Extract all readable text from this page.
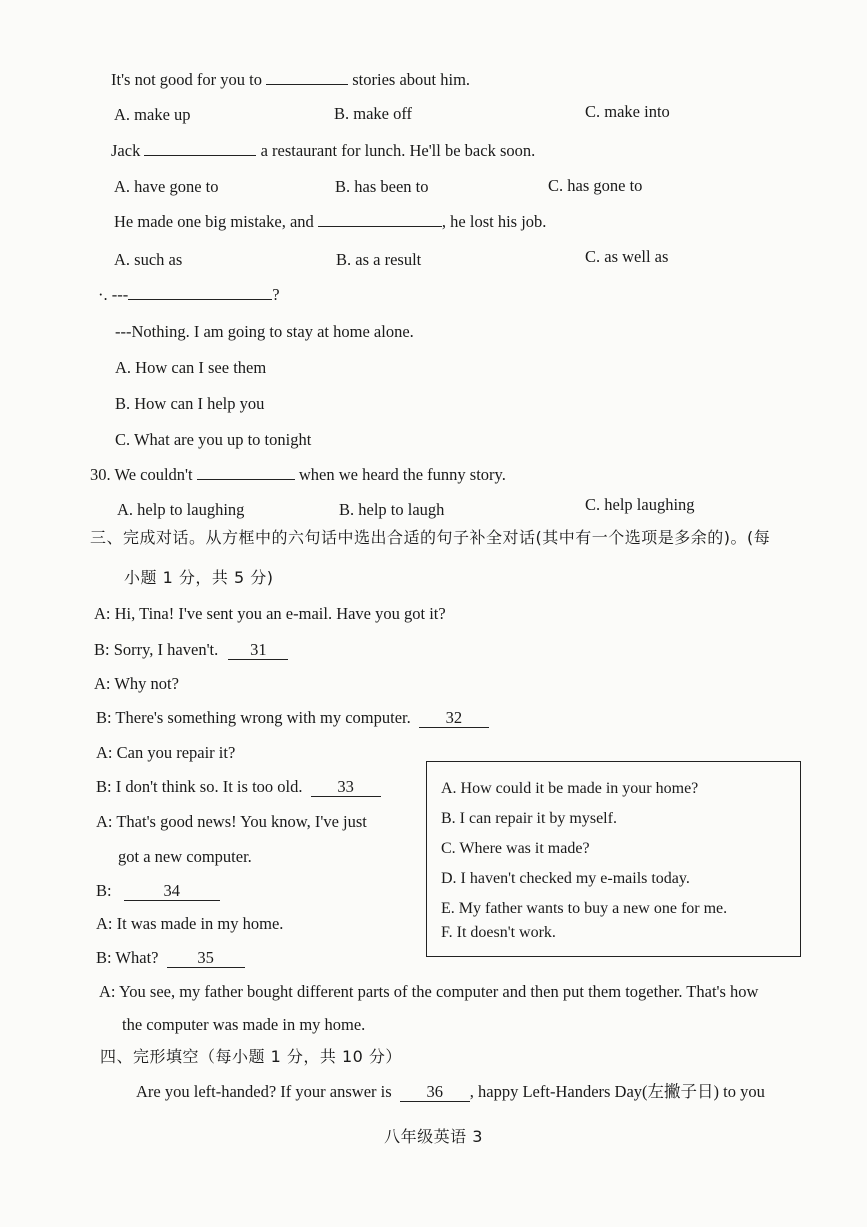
It's not good for you to	stories about him.
A. make up	B. make off	C. make into
Jack	a restaurant for lunch. He'll be back soon.
A. have gone to	B. has been to	C. has gone to
He made one big mistake, and	, he lost his job.
A. such as	B. as a result	C. as well as
·. ---	?
---Nothing. I am going to stay at home alone.
A. How can I see them
B. How can I help you
C. What are you up to tonight
30. We couldn't	when we heard the funny story.
A. help to laughing	B. help to laugh	C. help laughing
三、完成对话。从方框中的六句话中选出合适的句子补全对话(其中有一个选项是多余的)。(每
小题 1 分，共 5 分)
A: Hi, Tina! I've sent you an e-mail. Have you got it?
B: Sorry, I haven't. 31
A: Why not?
B: There's something wrong with my computer. 32
A: Can you repair it?
B: I don't think so. It is too old. 33
A: That's good news! You know, I've just
got a new computer.
B:	34
A: It was made in my home.
B: What? 35
A: You see, my father bought different parts of the computer and then put them together. That's how
the computer was made in my home.
A. How could it be made in your home?
B. I can repair it by myself.
C. Where was it made?
D. I haven't checked my e-mails today.
E. My father wants to buy a new one for me.
F. It doesn't work.
四、完形填空（每小题 1 分，共 10 分）
Are you left-handed? If your answer is 36 , happy Left-Handers Day(左撇子日) to you
八年级英语 3
